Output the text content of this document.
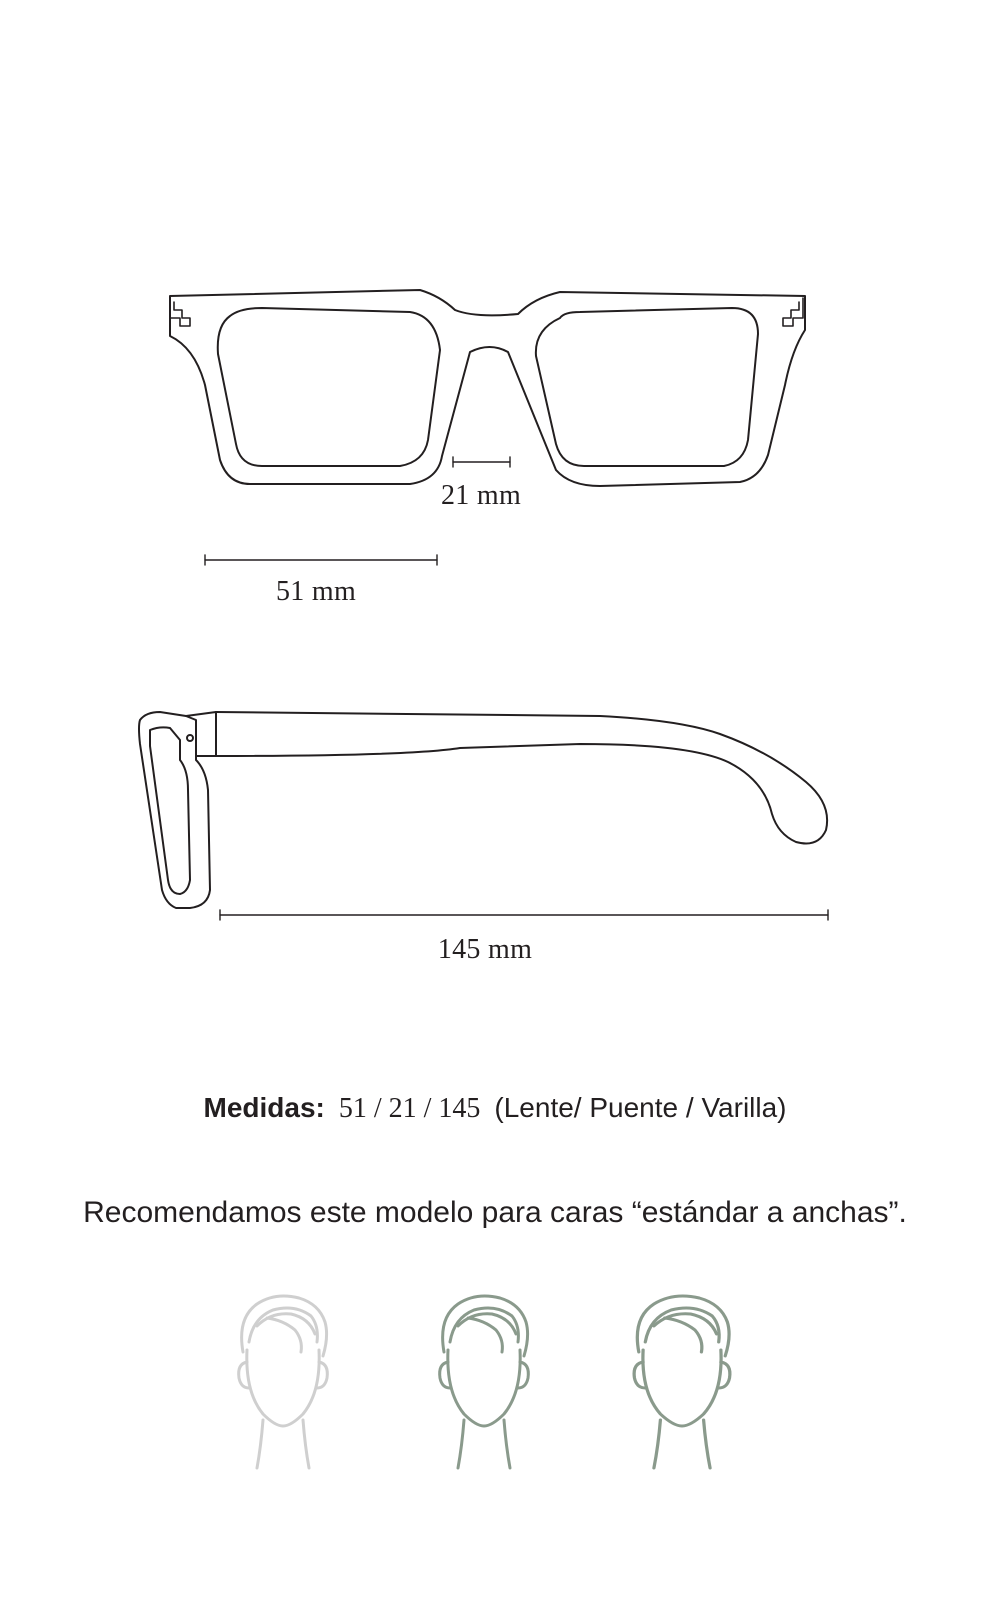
21 mm
51 mm
145 mm
Medidas: 51 / 21 / 145 (Lente/ Puente / Varilla)
Recomendamos este modelo para caras “estándar a anchas”.
